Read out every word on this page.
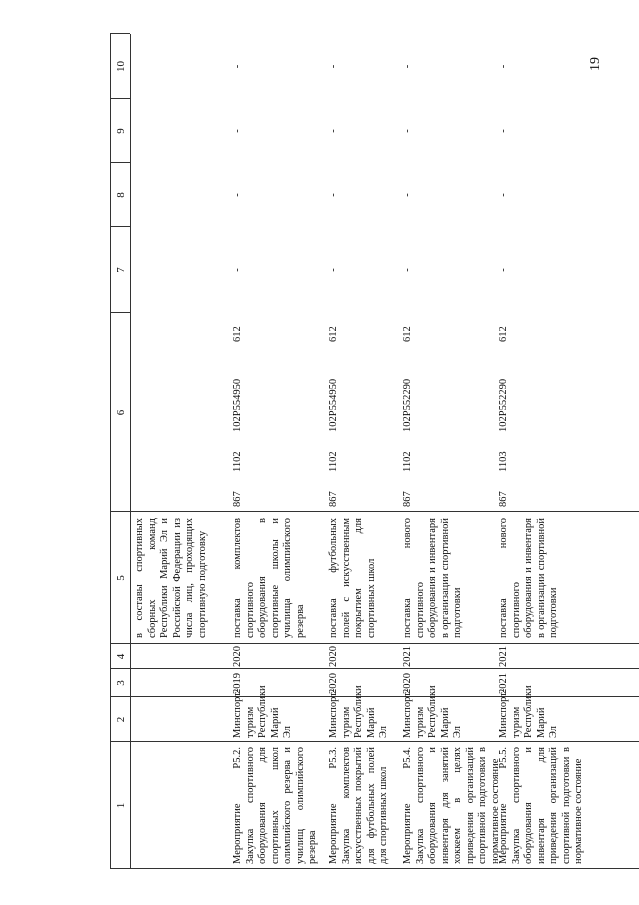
19
1
2
3
4
5
6
7
8
9
10
в составы спортивных сборных команд Республики Марий Эл и Российской Федерации из числа лиц, проходящих спортивную подготовку
Мероприятие Р5.2. Закупка спортивного оборудования для спортивных школ олимпийского резерва и училищ олимпийского резерва
Минспорт-туризм Республики Марий Эл
2019
2020
поставка комплектов спортивного оборудования в спортивные школы и училища олимпийского резерва
867
1102
102P554950
612
-
-
-
-
Мероприятие Р5.3. Закупка комплектов искусственных покрытий для футбольных полей для спортивных школ
Минспорт-туризм Республики Марий Эл
2020
2020
поставка футбольных полей с искусственным покрытием для спортивных школ
867
1102
102P554950
612
-
-
-
-
Мероприятие Р5.4. Закупка спортивного оборудования и инвентаря для занятий хоккеем в целях приведения организаций спортивной подготовки в нормативное состояние
Минспорт-туризм Республики Марий Эл
2020
2021
поставка нового спортивного оборудования и инвентаря в организации спортивной подготовки
867
1102
102P552290
612
-
-
-
-
Мероприятие Р5.5. Закупка спортивного оборудования и инвентаря для приведения организаций спортивной подготовки в нормативное состояние
Минспорт-туризм Республики Марий Эл
2021
2021
поставка нового спортивного оборудования и инвентаря в организации спортивной подготовки
867
1103
102P552290
612
-
-
-
-
